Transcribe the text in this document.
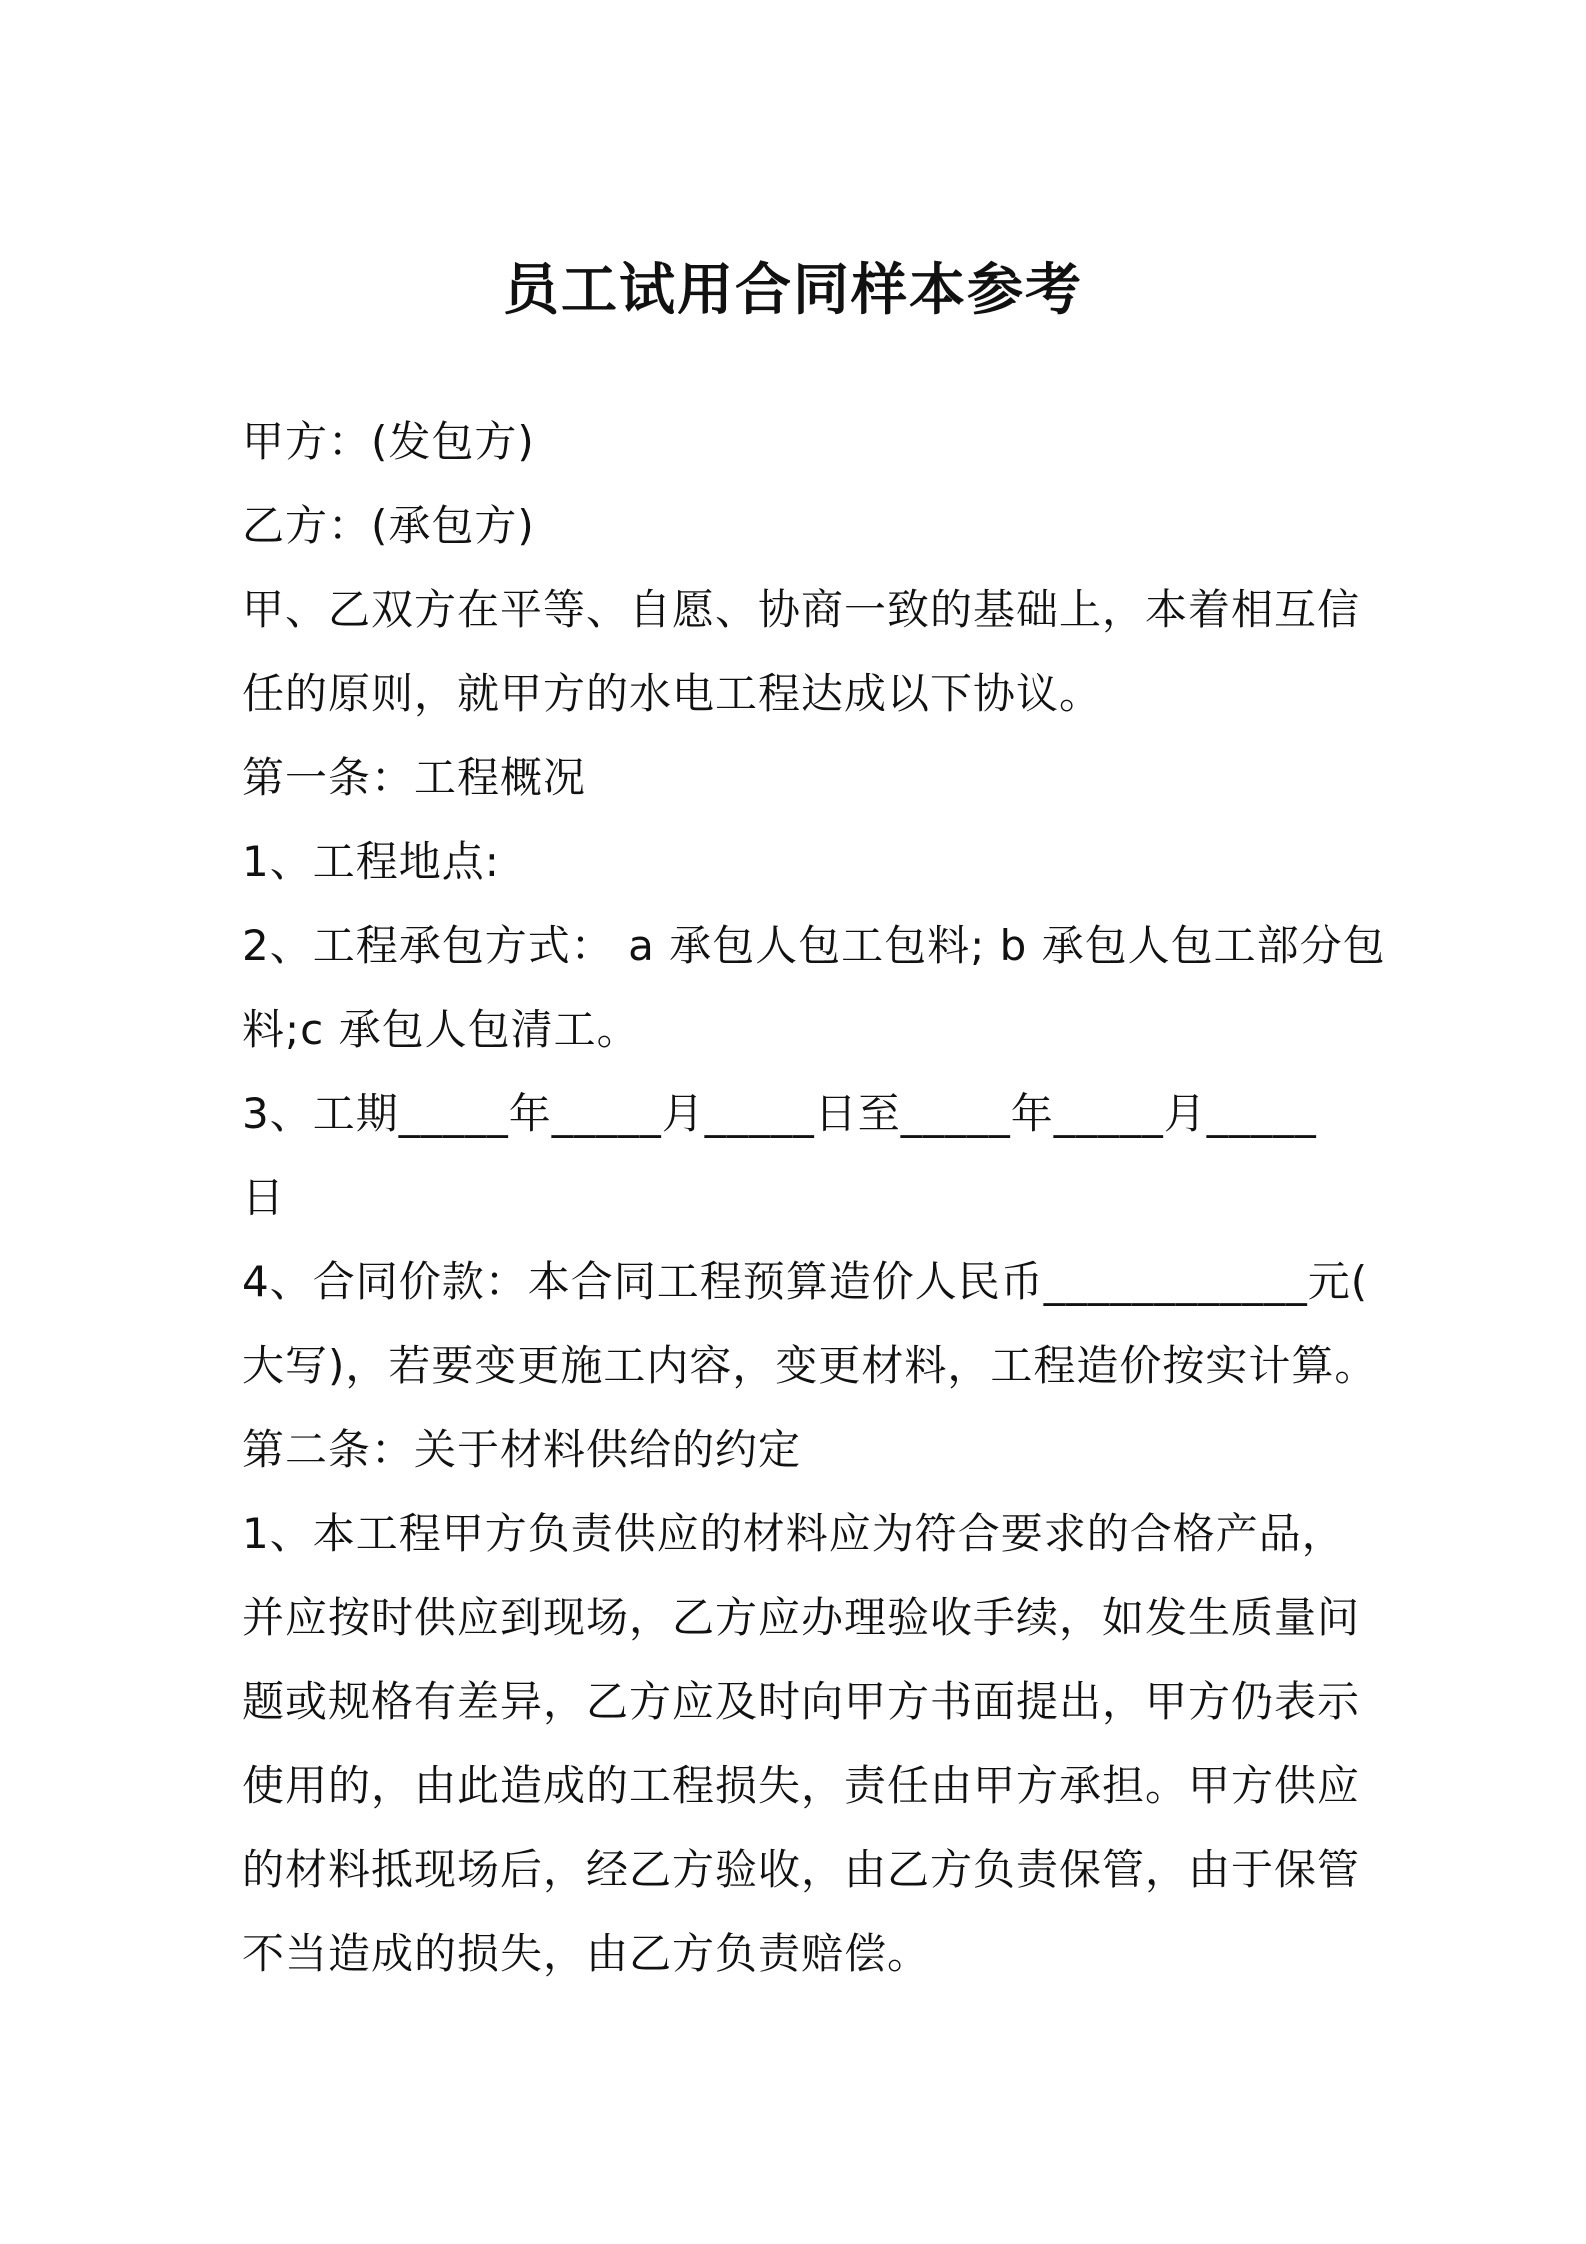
员工试用合同样本参考
甲方：(发包方)
乙方：(承包方)
甲、乙双方在平等、自愿、协商一致的基础上，本着相互信
任的原则，就甲方的水电工程达成以下协议。
第一条：工程概况
1、工程地点:
2、工程承包方式： a 承包人包工包料; b 承包人包工部分包
料;c 承包人包清工。
3、工期_____年_____月_____日至_____年_____月_____
日
4、合同价款：本合同工程预算造价人民币____________元(
大写)，若要变更施工内容，变更材料，工程造价按实计算。
第二条：关于材料供给的约定
1、本工程甲方负责供应的材料应为符合要求的合格产品，
并应按时供应到现场，乙方应办理验收手续，如发生质量问
题或规格有差异，乙方应及时向甲方书面提出，甲方仍表示
使用的，由此造成的工程损失，责任由甲方承担。甲方供应
的材料抵现场后，经乙方验收，由乙方负责保管，由于保管
不当造成的损失，由乙方负责赔偿。
